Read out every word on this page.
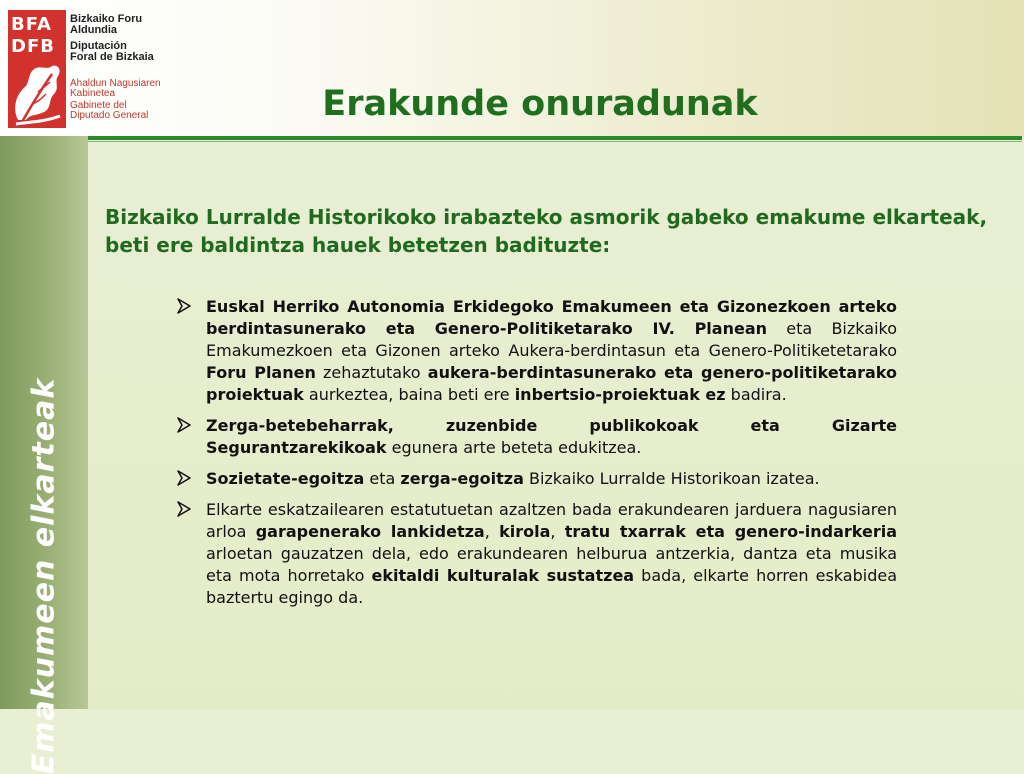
BFA
DFB
Bizkaiko Foru
Aldundia
Diputación
Foral de Bizkaia
Ahaldun Nagusiaren
Kabinetea
Gabinete del
Diputado General	Erakunde onuradunak
Emakumeen elkarteak
Bizkaiko Lurralde Historikoko irabazteko asmorik gabeko emakume elkarteak, beti ere baldintza hauek betetzen badituzte:
Euskal Herriko Autonomia Erkidegoko Emakumeen eta Gizonezkoen arteko berdintasunerako eta Genero-Politiketarako IV. Planean eta Bizkaiko Emakumezkoen eta Gizonen arteko Aukera-berdintasun eta Genero-Politiketetarako Foru Planen zehaztutako aukera-berdintasunerako eta genero-politiketarako proiektuak aurkeztea, baina beti ere inbertsio-proiektuak ez badira.
Zerga-betebeharrak, zuzenbide publikokoak eta Gizarte Segurantzarekikoak egunera arte beteta edukitzea.
Sozietate-egoitza eta zerga-egoitza Bizkaiko Lurralde Historikoan izatea.
Elkarte eskatzailearen estatutuetan azaltzen bada erakundearen jarduera nagusiaren arloa garapenerako lankidetza, kirola, tratu txarrak eta genero-indarkeria arloetan gauzatzen dela, edo erakundearen helburua antzerkia, dantza eta musika eta mota horretako ekitaldi kulturalak sustatzea bada, elkarte horren eskabidea baztertu egingo da.
